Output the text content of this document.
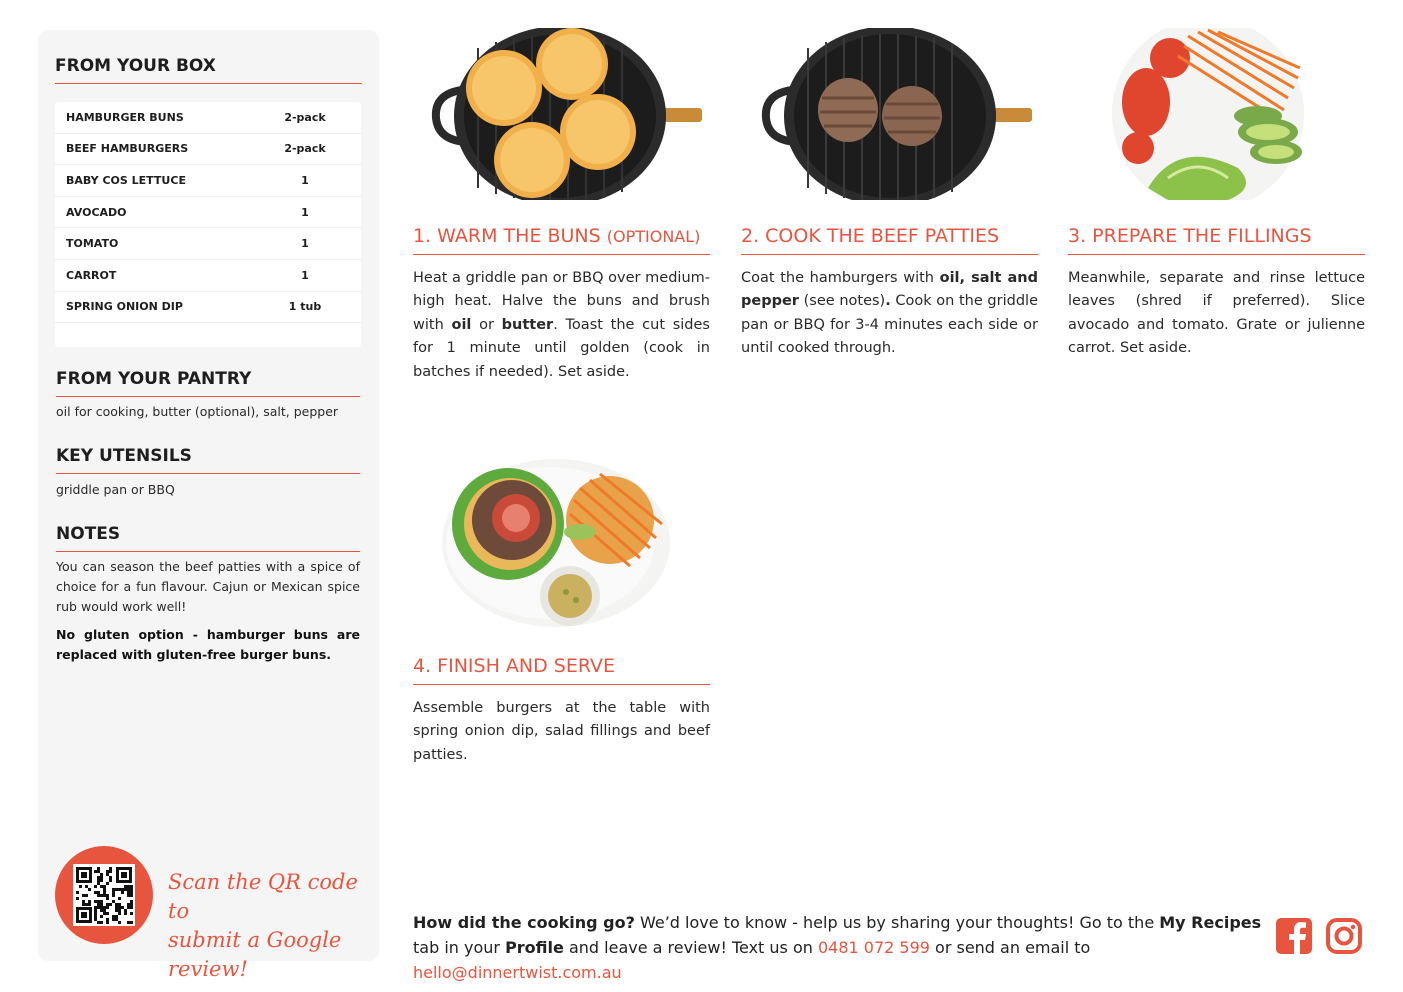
FROM YOUR BOX
HAMBURGER BUNS	2-pack
BEEF HAMBURGERS	2-pack
BABY COS LETTUCE	1
AVOCADO	1
TOMATO	1
CARROT	1
SPRING ONION DIP	1 tub
FROM YOUR PANTRY
oil for cooking, butter (optional), salt, pepper
KEY UTENSILS
griddle pan or BBQ
NOTES

You can season the beef patties with a spice of choice for a fun flavour. Cajun or Mexican spice rub would work well!

No gluten option - hamburger buns are replaced with gluten-free burger buns.

Scan the QR code to
submit a Google review!
1. WARM THE BUNS (OPTIONAL)
Heat a griddle pan or BBQ over medium-high heat. Halve the buns and brush with oil or butter. Toast the cut sides for 1 minute until golden (cook in batches if needed). Set aside.
2. COOK THE BEEF PATTIES
Coat the hamburgers with oil, salt and pepper (see notes). Cook on the griddle pan or BBQ for 3-4 minutes each side or until cooked through.
3. PREPARE THE FILLINGS
Meanwhile, separate and rinse lettuce leaves (shred if preferred). Slice avocado and tomato. Grate or julienne carrot. Set aside.
4. FINISH AND SERVE
Assemble burgers at the table with spring onion dip, salad fillings and beef patties.
How did the cooking go? We’d love to know - help us by sharing your thoughts! Go to the My Recipes tab in your Profile and leave a review! Text us on 0481 072 599 or send an email to hello@dinnertwist.com.au
